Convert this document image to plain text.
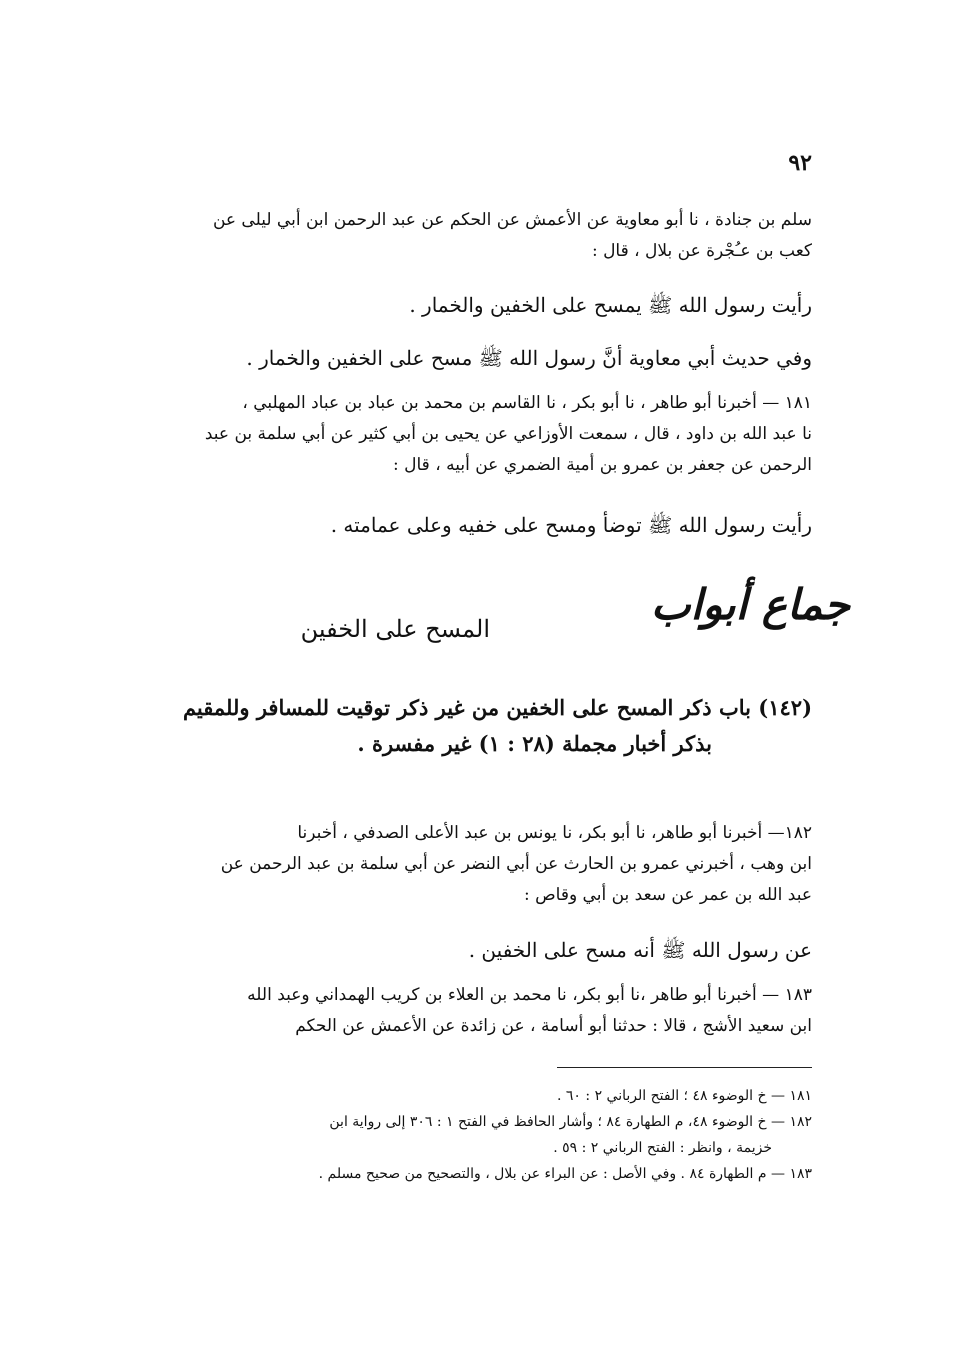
٩٢
سلم بن جنادة ، نا أبو معاوية عن الأعمش عن الحكم عن عبد الرحمن ابن أبي ليلى عن
كعب بن عـُجْرة عن بلال ، قال :
رأيت رسول الله ﷺ يمسح على الخفين والخمار .
وفي حديث أبي معاوية أنَّ رسول الله ﷺ مسح على الخفين والخمار .
١٨١ — أخبرنا أبو طاهر ، نا أبو بكر ، نا القاسم بن محمد بن عباد بن عباد المهلبي ،
نا عبد الله بن داود ، قال ، سمعت الأوزاعي عن يحيى بن أبي كثير عن أبي سلمة بن عبد
الرحمن عن جعفر بن عمرو بن أمية الضمري عن أبيه ، قال :
رأيت رسول الله ﷺ توضأ ومسح على خفيه وعلى عمامته .
جماع أبواب
المسح على الخفين
(١٤٢) باب ذكر المسح على الخفين من غير ذكر توقيت للمسافر وللمقيم
بذكر أخبار مجملة (٢٨ : ١) غير مفسرة .
١٨٢— أخبرنا أبو طاهر، نا أبو بكر، نا يونس بن عبد الأعلى الصدفي ، أخبرنا
ابن وهب ، أخبرني عمرو بن الحارث عن أبي النضر عن أبي سلمة بن عبد الرحمن عن
عبد الله بن عمر عن سعد بن أبي وقاص :
عن رسول الله ﷺ أنه مسح على الخفين .
١٨٣ — أخبرنا أبو طاهر ،نا أبو بكر، نا محمد بن العلاء بن كريب الهمداني وعبد الله
ابن سعيد الأشج ، قالا : حدثنا أبو أسامة ، عن زائدة عن الأعمش عن الحكم
١٨١ — خ الوضوء ٤٨ ؛ الفتح الرباني ٢ : ٦٠ .
١٨٢ — خ الوضوء ٤٨، م الطهارة ٨٤ ؛ وأشار الحافظ في الفتح ١ : ٣٠٦ إلى رواية ابن
خزيمة ، وانظر : الفتح الرباني ٢ : ٥٩ .
١٨٣ — م الطهارة ٨٤ . وفي الأصل : عن البراء عن بلال ، والتصحيح من صحيح مسلم .
